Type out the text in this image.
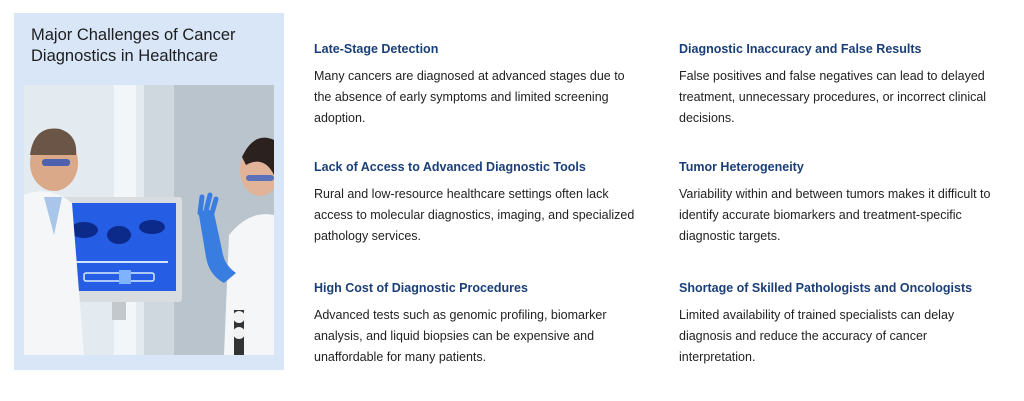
Major Challenges of Cancer Diagnostics in Healthcare	Late-Stage Detection

Many cancers are diagnosed at advanced stages due to the absence of early symptoms and limited screening adoption.

Diagnostic Inaccuracy and False Results

False positives and false negatives can lead to delayed treatment, unnecessary procedures, or incorrect clinical decisions.

Lack of Access to Advanced Diagnostic Tools

Rural and low-resource healthcare settings often lack access to molecular diagnostics, imaging, and specialized pathology services.

Tumor Heterogeneity

Variability within and between tumors makes it difficult to identify accurate biomarkers and treatment-specific diagnostic targets.

High Cost of Diagnostic Procedures

Advanced tests such as genomic profiling, biomarker analysis, and liquid biopsies can be expensive and unaffordable for many patients.

Shortage of Skilled Pathologists and Oncologists

Limited availability of trained specialists can delay diagnosis and reduce the accuracy of cancer interpretation.
